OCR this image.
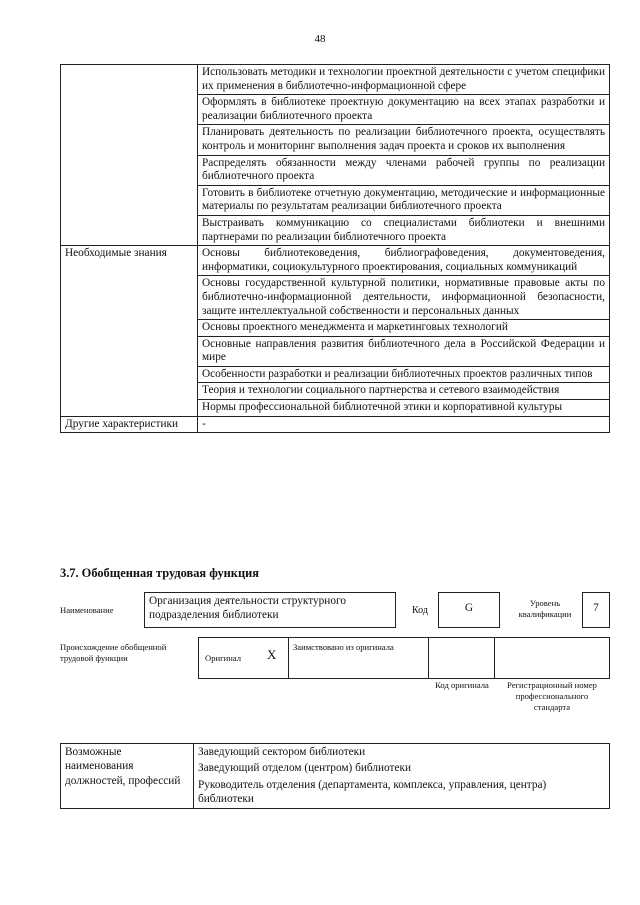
48
	Использовать методики и технологии проектной деятельности с учетом специфики их применения в библиотечно-информационной сфере
	Оформлять в библиотеке проектную документацию на всех этапах разработки и реализации библиотечного проекта
	Планировать деятельность по реализации библиотечного проекта, осуществлять контроль и мониторинг выполнения задач проекта и сроков их выполнения
	Распределять обязанности между членами рабочей группы по реализации библиотечного проекта
	Готовить в библиотеке отчетную документацию, методические и информационные материалы по результатам реализации библиотечного проекта
	Выстраивать коммуникацию со специалистами библиотеки и внешними партнерами по реализации библиотечного проекта
Необходимые знания	Основы библиотековедения, библиографоведения, документоведения, информатики, социокультурного проектирования, социальных коммуникаций
	Основы государственной культурной политики, нормативные правовые акты по библиотечно-информационной деятельности, информационной безопасности, защите интеллектуальной собственности и персональных данных
	Основы проектного менеджмента и маркетинговых технологий
	Основные направления развития библиотечного дела в Российской Федерации и мире
	Особенности разработки и реализации библиотечных проектов различных типов
	Теория и технологии социального партнерства и сетевого взаимодействия
	Нормы профессиональной библиотечной этики и корпоративной культуры
Другие характеристики	-
3.7. Обобщенная трудовая функция
Наименование
Организация деятельности структурного подразделения библиотеки	Код	G	Уровень квалификации	7
Происхождение обобщенной трудовой функции	Оригинал	X	Заимствовано из оригинала
Код оригинала	Регистрационный номер профессионального стандарта
Возможные наименования должностей, профессий	Заведующий сектором библиотеки
Заведующий отделом (центром) библиотеки
Руководитель отделения (департамента, комплекса, управления, центра) библиотеки
